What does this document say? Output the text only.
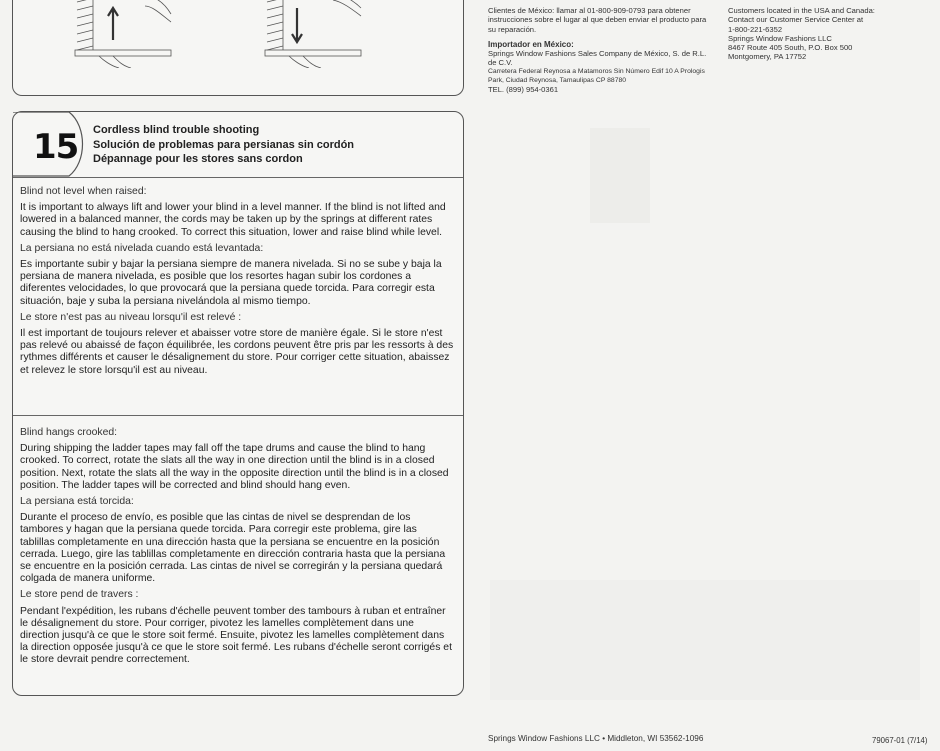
15 Cordless blind trouble shooting
Solución de problemas para persianas sin cordón
Dépannage pour les stores sans cordon

Blind not level when raised:

It is important to always lift and lower your blind in a level manner. If the blind is not lifted and lowered in a balanced manner, the cords may be taken up by the springs at different rates causing the blind to hang crooked. To correct this situation, lower and raise blind while level.

La persiana no está nivelada cuando está levantada:

Es importante subir y bajar la persiana siempre de manera nivelada. Si no se sube y baja la persiana de manera nivelada, es posible que los resortes hagan subir los cordones a diferentes velocidades, lo que provocará que la persiana quede torcida. Para corregir esta situación, baje y suba la persiana nivelándola al mismo tiempo.

Le store n'est pas au niveau lorsqu'il est relevé :

Il est important de toujours relever et abaisser votre store de manière égale. Si le store n'est pas relevé ou abaissé de façon équilibrée, les cordons peuvent être pris par les ressorts à des rythmes différents et causer le désalignement du store. Pour corriger cette situation, abaissez et relevez le store lorsqu'il est au niveau.

Blind hangs crooked:

During shipping the ladder tapes may fall off the tape drums and cause the blind to hang crooked. To correct, rotate the slats all the way in one direction until the blind is in a closed position. Next, rotate the slats all the way in the opposite direction until the blind is in a closed position. The ladder tapes will be corrected and blind should hang even.

La persiana está torcida:

Durante el proceso de envío, es posible que las cintas de nivel se desprendan de los tambores y hagan que la persiana quede torcida. Para corregir este problema, gire las tablillas completamente en una dirección hasta que la persiana se encuentre en la posición cerrada. Luego, gire las tablillas completamente en dirección contraria hasta que la persiana se encuentre en la posición cerrada. Las cintas de nivel se corregirán y la persiana quedará colgada de manera uniforme.

Le store pend de travers :

Pendant l'expédition, les rubans d'échelle peuvent tomber des tambours à ruban et entraîner le désalignement du store. Pour corriger, pivotez les lamelles complètement dans une direction jusqu'à ce que le store soit fermé. Ensuite, pivotez les lamelles complètement dans la direction opposée jusqu'à ce que le store soit fermé. Les rubans d'échelle seront corrigés et le store devrait pendre correctement.

Clientes de México: llamar al 01-800-909-0793 para obtener instrucciones sobre el lugar al que deben enviar el producto para su reparación.

Importador en México:

Springs Window Fashions Sales Company de México, S. de R.L. de C.V.

Carretera Federal Reynosa a Matamoros Sin Número Edif 10 A Prologis Park, Ciudad Reynosa, Tamaulipas CP 88780

TEL. (899) 954-0361

Customers located in the USA and Canada:

Contact our Customer Service Center at

1-800-221-6352

Springs Window Fashions LLC

8467 Route 405 South, P.O. Box 500

Montgomery, PA 17752

Springs Window Fashions LLC • Middleton, WI 53562-1096	79067-01 (7/14)
